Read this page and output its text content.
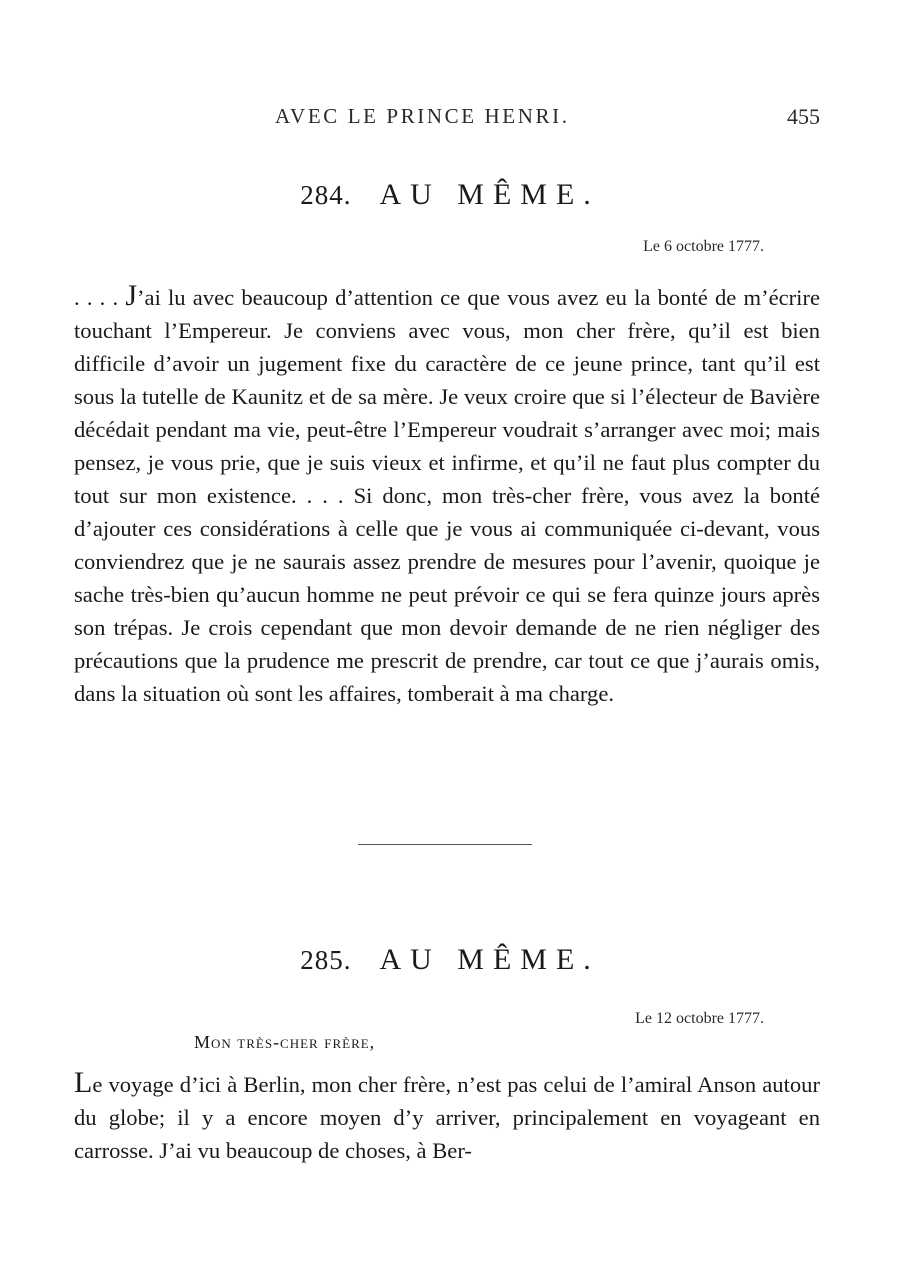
AVEC LE PRINCE HENRI.	455
284. AU MÊME.
Le 6 octobre 1777.

. . . . J’ai lu avec beaucoup d’attention ce que vous avez eu la bonté de m’écrire touchant l’Empereur. Je conviens avec vous, mon cher frère, qu’il est bien difficile d’avoir un jugement fixe du caractère de ce jeune prince, tant qu’il est sous la tutelle de Kaunitz et de sa mère. Je veux croire que si l’électeur de Bavière décédait pendant ma vie, peut-être l’Empereur voudrait s’arranger avec moi; mais pensez, je vous prie, que je suis vieux et infirme, et qu’il ne faut plus compter du tout sur mon existence. . . . Si donc, mon très-cher frère, vous avez la bonté d’ajouter ces considérations à celle que je vous ai communiquée ci-devant, vous conviendrez que je ne saurais assez prendre de mesures pour l’avenir, quoique je sache très-bien qu’aucun homme ne peut prévoir ce qui se fera quinze jours après son trépas. Je crois cependant que mon devoir demande de ne rien négliger des précautions que la prudence me prescrit de prendre, car tout ce que j’aurais omis, dans la situation où sont les affaires, tomberait à ma charge.

285. AU MÊME.
Le 12 octobre 1777.
Mon très-cher frère,

Le voyage d’ici à Berlin, mon cher frère, n’est pas celui de l’amiral Anson autour du globe; il y a encore moyen d’y arriver, principalement en voyageant en carrosse. J’ai vu beaucoup de choses, à Ber-
